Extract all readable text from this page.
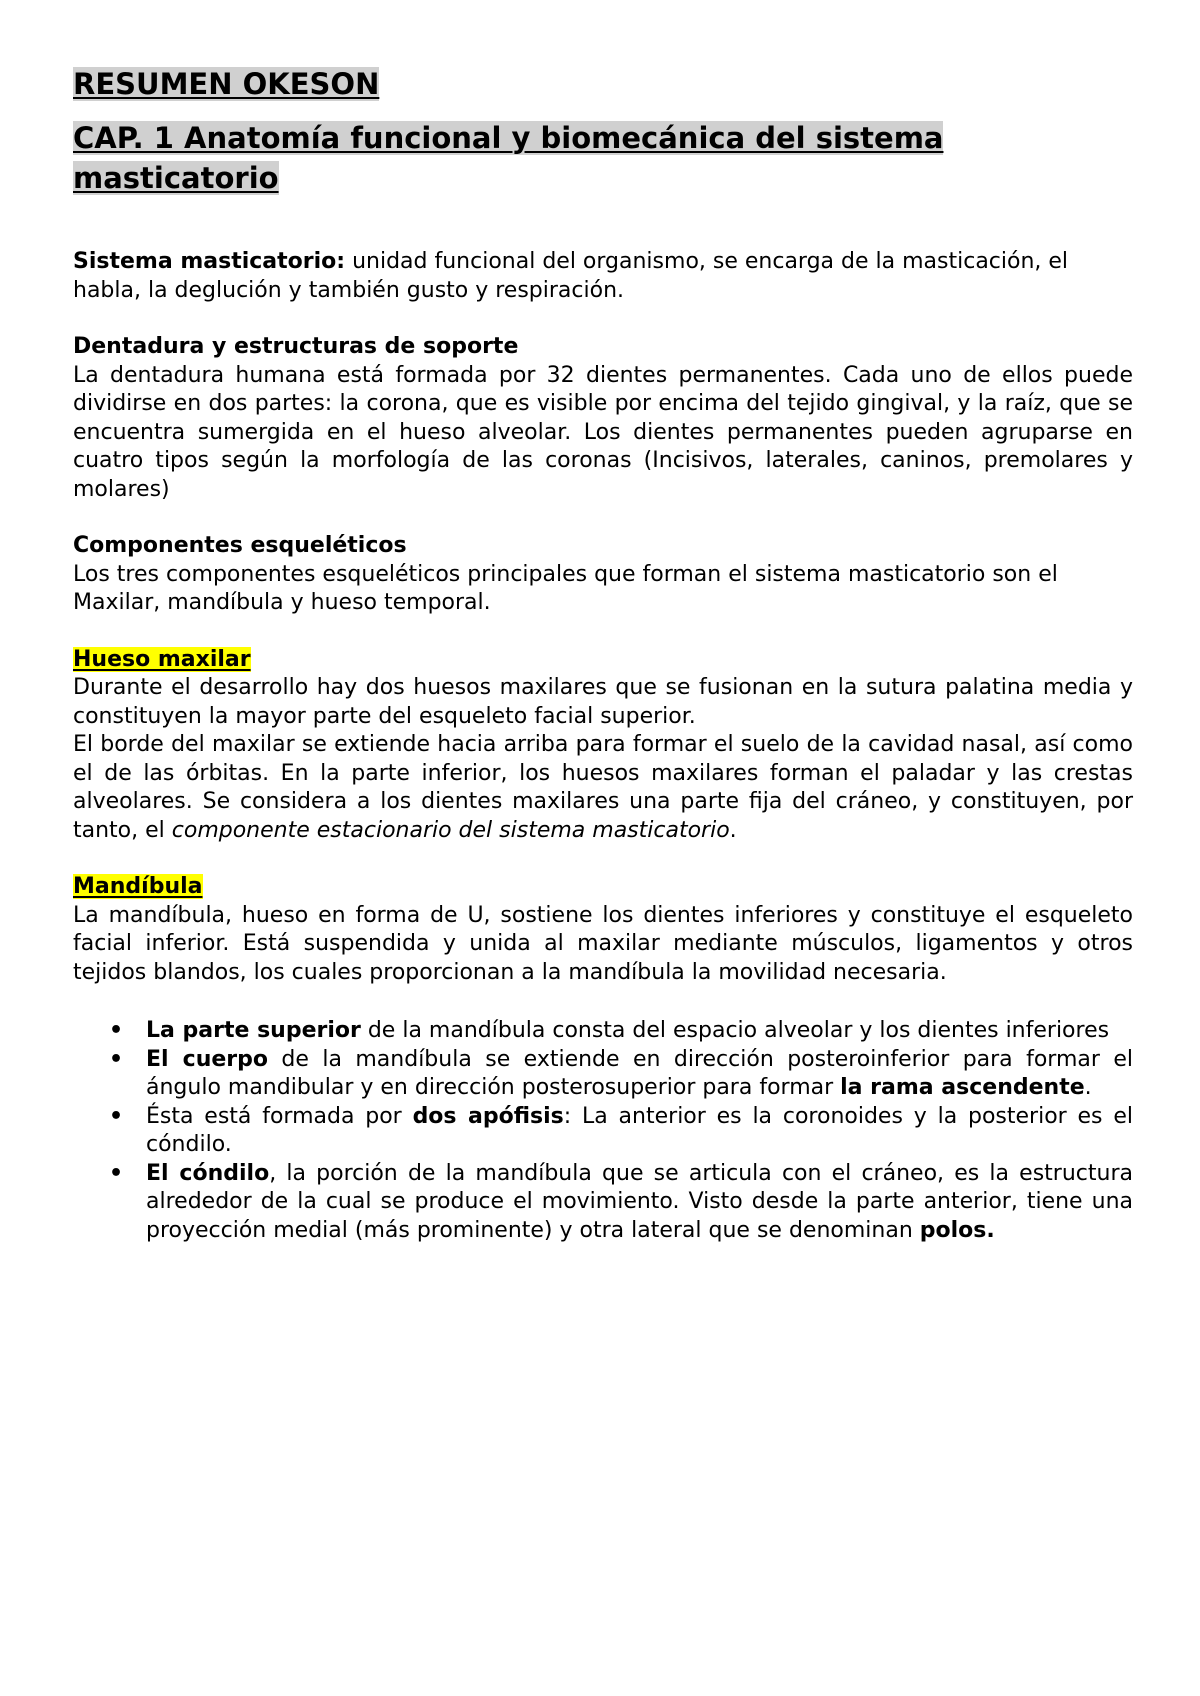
RESUMEN OKESON
CAP. 1 Anatomía funcional y biomecánica del sistema masticatorio

Sistema masticatorio: unidad funcional del organismo, se encarga de la masticación, el habla, la deglución y también gusto y respiración.

Dentadura y estructuras de soporte

La dentadura humana está formada por 32 dientes permanentes. Cada uno de ellos puede dividirse en dos partes: la corona, que es visible por encima del tejido gingival, y la raíz, que se encuentra sumergida en el hueso alveolar. Los dientes permanentes pueden agruparse en cuatro tipos según la morfología de las coronas (Incisivos, laterales, caninos, premolares y molares)

Componentes esqueléticos

Los tres componentes esqueléticos principales que forman el sistema masticatorio son el

Maxilar, mandíbula y hueso temporal.

Hueso maxilar

Durante el desarrollo hay dos huesos maxilares que se fusionan en la sutura palatina media y constituyen la mayor parte del esqueleto facial superior.

El borde del maxilar se extiende hacia arriba para formar el suelo de la cavidad nasal, así como el de las órbitas. En la parte inferior, los huesos maxilares forman el paladar y las crestas alveolares. Se considera a los dientes maxilares una parte fija del cráneo, y constituyen, por tanto, el componente estacionario del sistema masticatorio.

Mandíbula

La mandíbula, hueso en forma de U, sostiene los dientes inferiores y constituye el esqueleto facial inferior. Está suspendida y unida al maxilar mediante músculos, ligamentos y otros tejidos blandos, los cuales proporcionan a la mandíbula la movilidad necesaria.

• La parte superior de la mandíbula consta del espacio alveolar y los dientes inferiores
• El cuerpo de la mandíbula se extiende en dirección posteroinferior para formar el ángulo mandibular y en dirección posterosuperior para formar la rama ascendente.
• Ésta está formada por dos apófisis: La anterior es la coronoides y la posterior es el cóndilo.
• El cóndilo, la porción de la mandíbula que se articula con el cráneo, es la estructura alrededor de la cual se produce el movimiento. Visto desde la parte anterior, tiene una proyección medial (más prominente) y otra lateral que se denominan polos.
